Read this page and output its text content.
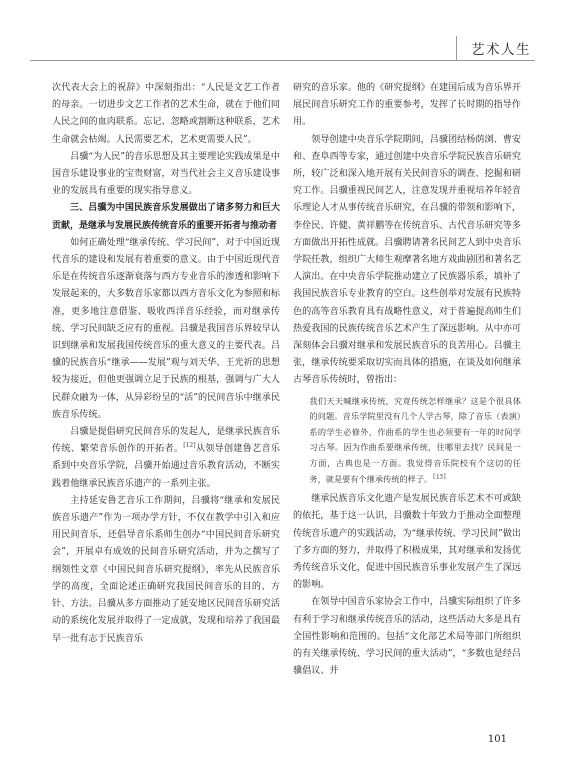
艺术人生

次代表大会上的祝辞》中深刻指出：“人民是文艺工作者的母亲。一切进步文艺工作者的艺术生命，就在于他们同人民之间的血肉联系。忘记、忽略或割断这种联系，艺术生命就会枯竭。人民需要艺术，艺术更需要人民”。

吕骥“为人民”的音乐思想及其主要理论实践成果是中国音乐建设事业的宝贵财富，对当代社会主义音乐建设事业的发展具有重要的现实指导意义。

三、吕骥为中国民族音乐发展做出了诸多努力和巨大贡献，是继承与发展民族传统音乐的重要开拓者与推动者

如何正确处理“继承传统、学习民间”，对于中国近现代音乐的建设和发展有着重要的意义。由于中国近现代音乐是在传统音乐逐渐衰落与西方专业音乐的渗透和影响下发展起来的，大多数音乐家都以西方音乐文化为参照和标准，更多地注意借鉴、吸收西洋音乐经验，而对继承传统、学习民间缺乏应有的重视。吕骥是我国音乐界较早认识到继承和发展我国传统音乐的重大意义的主要代表。吕骥的民族音乐“继承——发展”观与刘天华、王光祈的思想较为接近，但他更强调立足于民族的根基，强调与广大人民群众融为一体，从异彩纷呈的“活”的民间音乐中继承民族音乐传统。

吕骥是提倡研究民间音乐的发起人，是继承民族音乐传统、繁荣音乐创作的开拓者。[12]从领导创建鲁艺音乐系到中央音乐学院，吕骥开始通过音乐教育活动，不断实践着他继承民族音乐遗产的一系列主张。

主持延安鲁艺音乐工作期间，吕骥将“继承和发展民族音乐遗产”作为一项办学方针，不仅在教学中引入和应用民间音乐，还倡导音乐系师生创办“中国民间音乐研究会”，开展卓有成效的民间音乐研究活动，并为之撰写了纲领性文章《中国民间音乐研究提纲》，率先从民族音乐学的高度，全面论述正确研究我国民间音乐的目的、方针、方法。吕骥从多方面推动了延安地区民间音乐研究活动的系统化发展并取得了一定成就，发现和培养了我国最早一批有志于民族音乐

研究的音乐家。他的《研究提纲》在建国后成为音乐界开展民间音乐研究工作的重要参考，发挥了长时期的指导作用。

领导创建中央音乐学院期间，吕骥团结杨荫浏、曹安和、查阜西等专家，通过创建中央音乐学院民族音乐研究所，较广泛和深入地开展有关民间音乐的调查、挖掘和研究工作。吕骥重视民间艺人，注意发现并重视培养年轻音乐理论人才从事传统音乐研究，在吕骥的带领和影响下，李佺民、许健、黄祥鹏等在传统音乐、古代音乐研究等多方面做出开拓性成就。吕骥聘请著名民间艺人到中央音乐学院任教，组织广大师生观摩著名地方戏曲剧团和著名艺人演出。在中央音乐学院推动建立了民族器乐系，填补了我国民族音乐专业教育的空白。这些创举对发展有民族特色的高等音乐教育具有战略性意义，对于普遍提高师生们热爱我国的民族传统音乐艺术产生了深远影响。从中亦可深刻体会吕骥对继承和发展民族音乐的良苦用心。吕骥主张，继承传统要采取切实而具体的措施，在谈及如何继承古琴音乐传统时，曾指出：

我们天天喊继承传统，究竟传统怎样继承？这是个很具体的问题。音乐学院里没有几个人学古琴，除了音乐（表演）系的学生必修外，作曲系的学生也必须要有一年的时间学习古琴。因为作曲系要继承传统，往哪里去找？民间是一方面，古典也是一方面。我觉得音乐院校有个这切的任务，就是要有个继承传统的样子。[13]

继承民族音乐文化遗产是发展民族音乐艺术不可或缺的依托，基于这一认识，吕骥数十年致力于推动全面整理传统音乐遗产的实践活动，为“继承传统、学习民间”做出了多方面的努力，并取得了积极成果，其对继承和发扬优秀传统音乐文化，促进中国民族音乐事业发展产生了深远的影响。

在领导中国音乐家协会工作中，吕骥实际组织了许多有利于学习和继承传统音乐的活动，这些活动大多是具有全国性影响和范围的。包括“文化部艺术局等部门所组织的有关继承传统、学习民间的重大活动”，“多数也是经吕骥倡议、并

101
